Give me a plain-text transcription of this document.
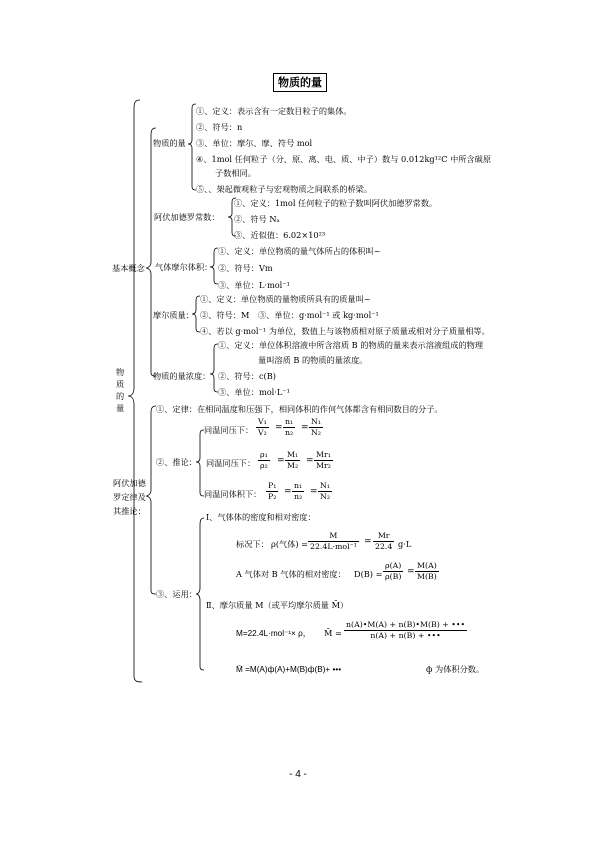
物质的量
物质的量
基本概念
物质的量
①、定义：表示含有一定数目粒子的集体。
②、符号：n
③、单位：摩尔、摩、符号 mol
④、1mol 任何粒子（分、原、离、电、质、中子）数与 0.012kg¹²C 中所含碳原
子数相同。
⑤、、架起微观粒子与宏观物质之间联系的桥梁。
阿伏加德罗常数：
①、定义：1mol 任何粒子的粒子数叫阿伏加德罗常数。
②、符号 Nₐ
③、近似值：6.02×10²³
气体摩尔体积：
①、定义：单位物质的量气体所占的体积叫~
②、符号：Vm
③、单位：L·mol⁻¹
摩尔质量：
①、定义：单位物质的量物质所具有的质量叫~
②、符号：M ③、单位：g·mol⁻¹ 或 kg·mol⁻¹
④、若以 g·mol⁻¹ 为单位，数值上与该物质相对原子质量或相对分子质量相等。
物质的量浓度：
①、定义：单位体积溶液中所含溶质 B 的物质的量来表示溶液组成的物理
量叫溶质 B 的物质的量浓度。
②、符号：c(B)
③、单位：mol·L⁻¹
阿伏加德
罗定律及
其推论：
①、定律：在相同温度和压强下，相同体积的作何气体都含有相同数目的分子。
②、推论：
同温同压下： $\frac{\text{V₁}}{\text{V₂}} = \frac{\text{n₁}}{\text{n₂}} = \frac{\text{N₁}}{\text{N₂}}$
同温同压下： $\frac{\text{ρ₁}}{\text{ρ₂}} = \frac{\text{M₁}}{\text{M₂}} = \frac{\text{Mr₁}}{\text{Mr₂}}$
同温同体积下： $\frac{\text{P₁}}{\text{P₂}} = \frac{\text{n₁}}{\text{n₂}} = \frac{\text{N₁}}{\text{N₂}}$
③、运用：
Ⅰ、气体体的密度和相对密度：
标况下： ρ(气体) =
M
$22.4L\cdot mol^{-1} = \frac{Mr}{22.4} g\cdot L$
A 气体对 B 气体的相对密度： $D(B) = \frac{\rho(A)}{\rho(B)} = \frac{M(A)}{M(B)}$
Ⅱ、摩尔质量 M（或平均摩尔质量 M̄）
M=22.4L·mol⁻¹× ρ， M̄ = $\frac{n(A)•M(A) + n(B)•M(B) + •••}{n(A) + n(B) + •••}$
M̄ =M(A)ф(A)+M(B)ф(B)+ •••	ф 为体积分数。
- 4 -
